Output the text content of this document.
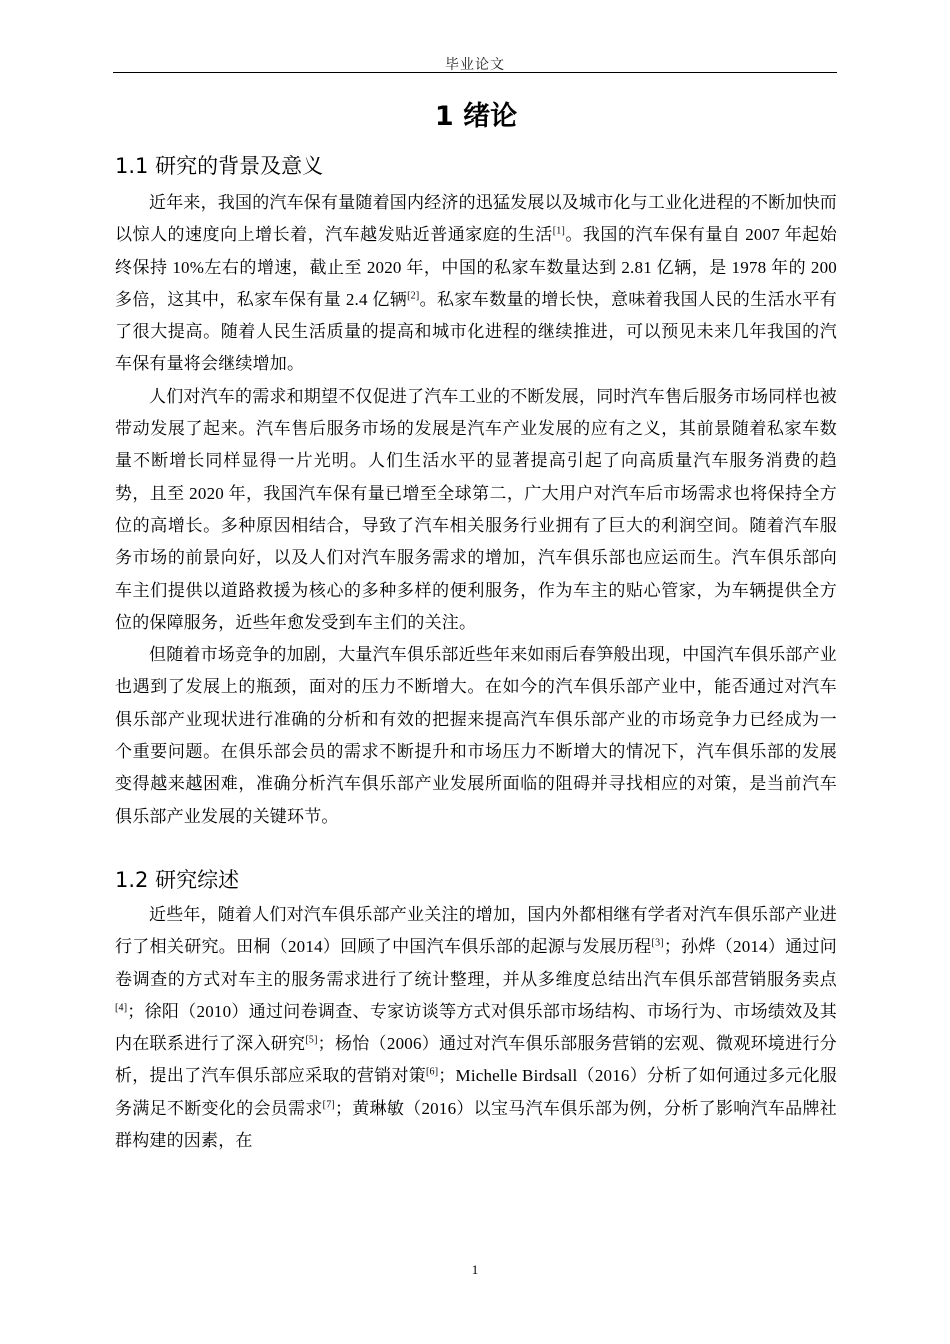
毕业论文
1 绪论
1.1 研究的背景及意义

近年来，我国的汽车保有量随着国内经济的迅猛发展以及城市化与工业化进程的不断加快而以惊人的速度向上增长着，汽车越发贴近普通家庭的生活[1]。我国的汽车保有量自 2007 年起始终保持 10%左右的增速，截止至 2020 年，中国的私家车数量达到 2.81 亿辆，是 1978 年的 200 多倍，这其中，私家车保有量 2.4 亿辆[2]。私家车数量的增长快，意味着我国人民的生活水平有了很大提高。随着人民生活质量的提高和城市化进程的继续推进，可以预见未来几年我国的汽车保有量将会继续增加。

人们对汽车的需求和期望不仅促进了汽车工业的不断发展，同时汽车售后服务市场同样也被带动发展了起来。汽车售后服务市场的发展是汽车产业发展的应有之义，其前景随着私家车数量不断增长同样显得一片光明。人们生活水平的显著提高引起了向高质量汽车服务消费的趋势，且至 2020 年，我国汽车保有量已增至全球第二，广大用户对汽车后市场需求也将保持全方位的高增长。多种原因相结合，导致了汽车相关服务行业拥有了巨大的利润空间。随着汽车服务市场的前景向好，以及人们对汽车服务需求的增加，汽车俱乐部也应运而生。汽车俱乐部向车主们提供以道路救援为核心的多种多样的便利服务，作为车主的贴心管家，为车辆提供全方位的保障服务，近些年愈发受到车主们的关注。

但随着市场竞争的加剧，大量汽车俱乐部近些年来如雨后春笋般出现，中国汽车俱乐部产业也遇到了发展上的瓶颈，面对的压力不断增大。在如今的汽车俱乐部产业中，能否通过对汽车俱乐部产业现状进行准确的分析和有效的把握来提高汽车俱乐部产业的市场竞争力已经成为一个重要问题。在俱乐部会员的需求不断提升和市场压力不断增大的情况下，汽车俱乐部的发展变得越来越困难，准确分析汽车俱乐部产业发展所面临的阻碍并寻找相应的对策，是当前汽车俱乐部产业发展的关键环节。

1.2 研究综述

近些年，随着人们对汽车俱乐部产业关注的增加，国内外都相继有学者对汽车俱乐部产业进行了相关研究。田桐（2014）回顾了中国汽车俱乐部的起源与发展历程[3]；孙烨（2014）通过问卷调查的方式对车主的服务需求进行了统计整理，并从多维度总结出汽车俱乐部营销服务卖点[4]；徐阳（2010）通过问卷调查、专家访谈等方式对俱乐部市场结构、市场行为、市场绩效及其内在联系进行了深入研究[5]；杨怡（2006）通过对汽车俱乐部服务营销的宏观、微观环境进行分析，提出了汽车俱乐部应采取的营销对策[6]；Michelle Birdsall（2016）分析了如何通过多元化服务满足不断变化的会员需求[7]；黄琳敏（2016）以宝马汽车俱乐部为例，分析了影响汽车品牌社群构建的因素，在

1
